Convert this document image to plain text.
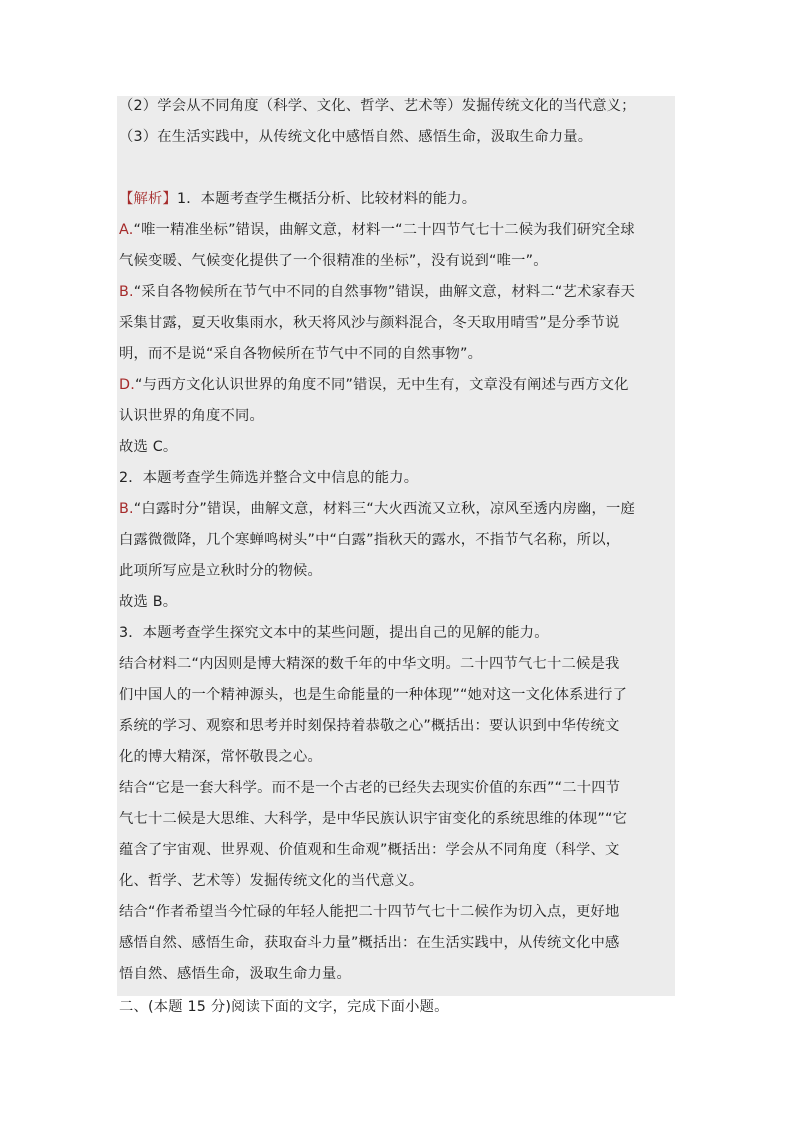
（2）学会从不同角度（科学、文化、哲学、艺术等）发掘传统文化的当代意义；
（3）在生活实践中，从传统文化中感悟自然、感悟生命，汲取生命力量。
【解析】1．本题考查学生概括分析、比较材料的能力。
A.“唯一精准坐标”错误，曲解文意，材料一“二十四节气七十二候为我们研究全球
气候变暖、气候变化提供了一个很精准的坐标”，没有说到“唯一”。
B.“采自各物候所在节气中不同的自然事物”错误，曲解文意，材料二“艺术家春天
采集甘露，夏天收集雨水，秋天将风沙与颜料混合，冬天取用晴雪”是分季节说
明，而不是说“采自各物候所在节气中不同的自然事物”。
D.“与西方文化认识世界的角度不同”错误，无中生有，文章没有阐述与西方文化
认识世界的角度不同。
故选 C。
2．本题考查学生筛选并整合文中信息的能力。
B.“白露时分”错误，曲解文意，材料三“大火西流又立秋，凉风至透内房幽，一庭
白露微微降，几个寒蝉鸣树头”中“白露”指秋天的露水，不指节气名称，所以，
此项所写应是立秋时分的物候。
故选 B。
3．本题考查学生探究文本中的某些问题，提出自己的见解的能力。
结合材料二“内因则是博大精深的数千年的中华文明。二十四节气七十二候是我
们中国人的一个精神源头，也是生命能量的一种体现”“她对这一文化体系进行了
系统的学习、观察和思考并时刻保持着恭敬之心”概括出：要认识到中华传统文
化的博大精深，常怀敬畏之心。
结合“它是一套大科学。而不是一个古老的已经失去现实价值的东西”“二十四节
气七十二候是大思维、大科学，是中华民族认识宇宙变化的系统思维的体现”“它
蕴含了宇宙观、世界观、价值观和生命观”概括出：学会从不同角度（科学、文
化、哲学、艺术等）发掘传统文化的当代意义。
结合“作者希望当今忙碌的年轻人能把二十四节气七十二候作为切入点，更好地
感悟自然、感悟生命，获取奋斗力量”概括出：在生活实践中，从传统文化中感
悟自然、感悟生命，汲取生命力量。
二、(本题 15 分)阅读下面的文字，完成下面小题。
